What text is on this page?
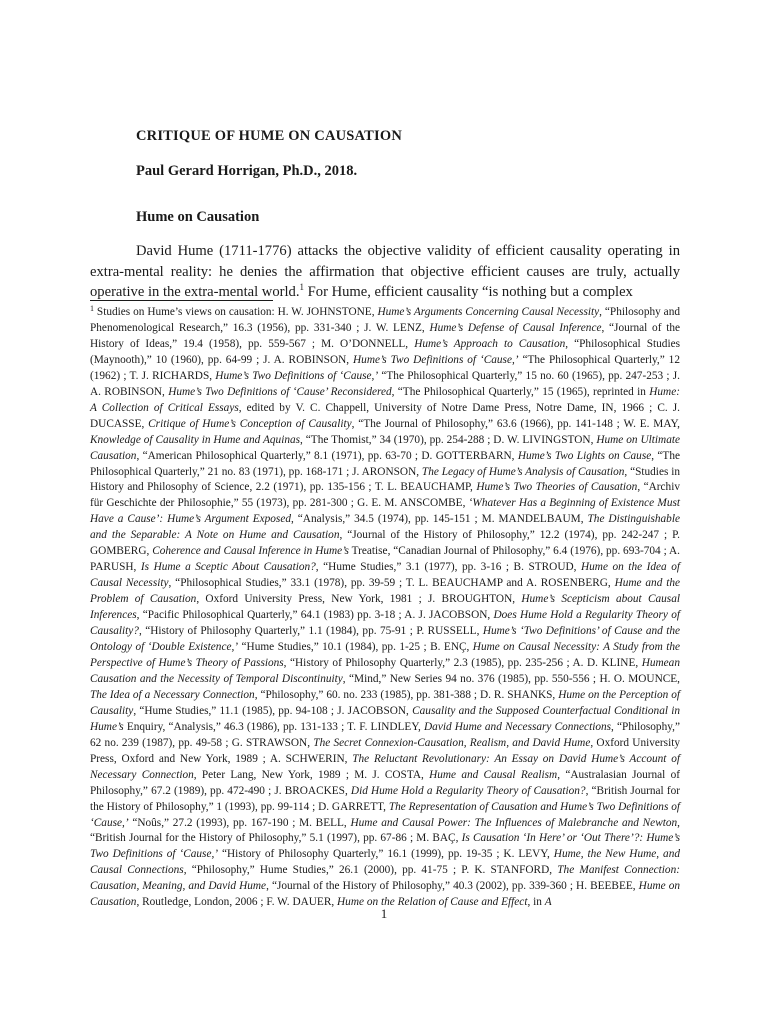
CRITIQUE OF HUME ON CAUSATION

Paul Gerard Horrigan, Ph.D., 2018.

Hume on Causation

David Hume (1711-1776) attacks the objective validity of efficient causality operating in extra-mental reality: he denies the affirmation that objective efficient causes are truly, actually operative in the extra-mental world.$^1$ For Hume, efficient causality “is nothing but a complex

$^1$ Studies on Hume’s views on causation: H. W. JOHNSTONE, Hume’s Arguments Concerning Causal Necessity, “Philosophy and Phenomenological Research,” 16.3 (1956), pp. 331-340 ; J. W. LENZ, Hume’s Defense of Causal Inference, “Journal of the History of Ideas,” 19.4 (1958), pp. 559-567 ; M. O’DONNELL, Hume’s Approach to Causation, “Philosophical Studies (Maynooth),” 10 (1960), pp. 64-99 ; J. A. ROBINSON, Hume’s Two Definitions of ‘Cause,’ “The Philosophical Quarterly,” 12 (1962) ; T. J. RICHARDS, Hume’s Two Definitions of ‘Cause,’ “The Philosophical Quarterly,” 15 no. 60 (1965), pp. 247-253 ; J. A. ROBINSON, Hume’s Two Definitions of ‘Cause’ Reconsidered, “The Philosophical Quarterly,” 15 (1965), reprinted in Hume: A Collection of Critical Essays, edited by V. C. Chappell, University of Notre Dame Press, Notre Dame, IN, 1966 ; C. J. DUCASSE, Critique of Hume’s Conception of Causality, “The Journal of Philosophy,” 63.6 (1966), pp. 141-148 ; W. E. MAY, Knowledge of Causality in Hume and Aquinas, “The Thomist,” 34 (1970), pp. 254-288 ; D. W. LIVINGSTON, Hume on Ultimate Causation, “American Philosophical Quarterly,” 8.1 (1971), pp. 63-70 ; D. GOTTERBARN, Hume’s Two Lights on Cause, “The Philosophical Quarterly,” 21 no. 83 (1971), pp. 168-171 ; J. ARONSON, The Legacy of Hume’s Analysis of Causation, “Studies in History and Philosophy of Science, 2.2 (1971), pp. 135-156 ; T. L. BEAUCHAMP, Hume’s Two Theories of Causation, “Archiv für Geschichte der Philosophie,” 55 (1973), pp. 281-300 ; G. E. M. ANSCOMBE, ‘Whatever Has a Beginning of Existence Must Have a Cause’: Hume’s Argument Exposed, “Analysis,” 34.5 (1974), pp. 145-151 ; M. MANDELBAUM, The Distinguishable and the Separable: A Note on Hume and Causation, “Journal of the History of Philosophy,” 12.2 (1974), pp. 242-247 ; P. GOMBERG, Coherence and Causal Inference in Hume’s Treatise, “Canadian Journal of Philosophy,” 6.4 (1976), pp. 693-704 ; A. PARUSH, Is Hume a Sceptic About Causation?, “Hume Studies,” 3.1 (1977), pp. 3-16 ; B. STROUD, Hume on the Idea of Causal Necessity, “Philosophical Studies,” 33.1 (1978), pp. 39-59 ; T. L. BEAUCHAMP and A. ROSENBERG, Hume and the Problem of Causation, Oxford University Press, New York, 1981 ; J. BROUGHTON, Hume’s Scepticism about Causal Inferences, “Pacific Philosophical Quarterly,” 64.1 (1983) pp. 3-18 ; A. J. JACOBSON, Does Hume Hold a Regularity Theory of Causality?, “History of Philosophy Quarterly,” 1.1 (1984), pp. 75-91 ; P. RUSSELL, Hume’s ‘Two Definitions’ of Cause and the Ontology of ‘Double Existence,’ “Hume Studies,” 10.1 (1984), pp. 1-25 ; B. ENÇ, Hume on Causal Necessity: A Study from the Perspective of Hume’s Theory of Passions, “History of Philosophy Quarterly,” 2.3 (1985), pp. 235-256 ; A. D. KLINE, Humean Causation and the Necessity of Temporal Discontinuity, “Mind,” New Series 94 no. 376 (1985), pp. 550-556 ; H. O. MOUNCE, The Idea of a Necessary Connection, “Philosophy,” 60. no. 233 (1985), pp. 381-388 ; D. R. SHANKS, Hume on the Perception of Causality, “Hume Studies,” 11.1 (1985), pp. 94-108 ; J. JACOBSON, Causality and the Supposed Counterfactual Conditional in Hume’s Enquiry, “Analysis,” 46.3 (1986), pp. 131-133 ; T. F. LINDLEY, David Hume and Necessary Connections, “Philosophy,” 62 no. 239 (1987), pp. 49-58 ; G. STRAWSON, The Secret Connexion-Causation, Realism, and David Hume, Oxford University Press, Oxford and New York, 1989 ; A. SCHWERIN, The Reluctant Revolutionary: An Essay on David Hume’s Account of Necessary Connection, Peter Lang, New York, 1989 ; M. J. COSTA, Hume and Causal Realism, “Australasian Journal of Philosophy,” 67.2 (1989), pp. 472-490 ; J. BROACKES, Did Hume Hold a Regularity Theory of Causation?, “British Journal for the History of Philosophy,” 1 (1993), pp. 99-114 ; D. GARRETT, The Representation of Causation and Hume’s Two Definitions of ‘Cause,’ “Noûs,” 27.2 (1993), pp. 167-190 ; M. BELL, Hume and Causal Power: The Influences of Malebranche and Newton, “British Journal for the History of Philosophy,” 5.1 (1997), pp. 67-86 ; M. BAÇ, Is Causation ‘In Here’ or ‘Out There’?: Hume’s Two Definitions of ‘Cause,’ “History of Philosophy Quarterly,” 16.1 (1999), pp. 19-35 ; K. LEVY, Hume, the New Hume, and Causal Connections, “Philosophy,” Hume Studies,” 26.1 (2000), pp. 41-75 ; P. K. STANFORD, The Manifest Connection: Causation, Meaning, and David Hume, “Journal of the History of Philosophy,” 40.3 (2002), pp. 339-360 ; H. BEEBEE, Hume on Causation, Routledge, London, 2006 ; F. W. DAUER, Hume on the Relation of Cause and Effect, in A

1
